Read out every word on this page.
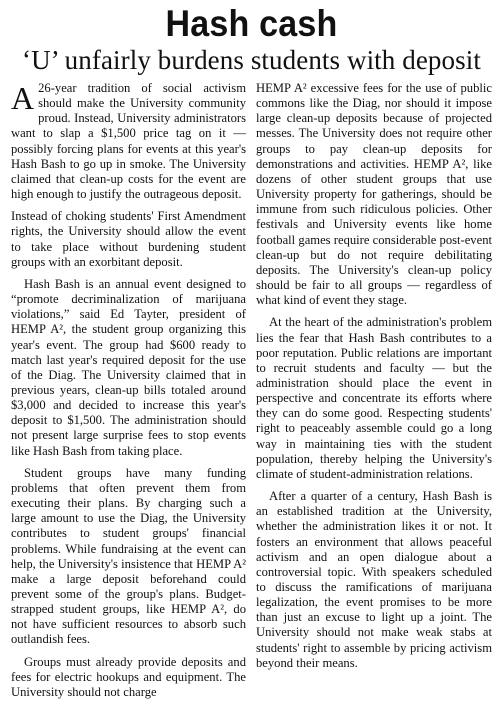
Hash cash
‘U’ unfairly burdens students with deposit

A 26-year tradition of social activism should make the University community proud. Instead, University administrators want to slap a $1,500 price tag on it — possibly forcing plans for events at this year's Hash Bash to go up in smoke. The University claimed that clean-up costs for the event are high enough to justify the outrageous deposit.

Instead of choking students' First Amendment rights, the University should allow the event to take place without burdening student groups with an exorbitant deposit.

Hash Bash is an annual event designed to “promote decriminalization of marijuana violations,” said Ed Tayter, president of HEMP A², the student group organizing this year's event. The group had $600 ready to match last year's required deposit for the use of the Diag. The University claimed that in previous years, clean-up bills totaled around $3,000 and decided to increase this year's deposit to $1,500. The administration should not present large surprise fees to stop events like Hash Bash from taking place.

Student groups have many funding problems that often prevent them from executing their plans. By charging such a large amount to use the Diag, the University contributes to student groups' financial problems. While fundraising at the event can help, the University's insistence that HEMP A² make a large deposit beforehand could prevent some of the group's plans. Budget-strapped student groups, like HEMP A², do not have sufficient resources to absorb such outlandish fees.

Groups must already provide deposits and fees for electric hookups and equipment. The University should not charge

HEMP A² excessive fees for the use of public commons like the Diag, nor should it impose large clean-up deposits because of projected messes. The University does not require other groups to pay clean-up deposits for demonstrations and activities. HEMP A², like dozens of other student groups that use University property for gatherings, should be immune from such ridiculous policies. Other festivals and University events like home football games require considerable post-event clean-up but do not require debilitating deposits. The University's clean-up policy should be fair to all groups — regardless of what kind of event they stage.

At the heart of the administration's problem lies the fear that Hash Bash contributes to a poor reputation. Public relations are important to recruit students and faculty — but the administration should place the event in perspective and concentrate its efforts where they can do some good. Respecting students' right to peaceably assemble could go a long way in maintaining ties with the student population, thereby helping the University's climate of student-administration relations.

After a quarter of a century, Hash Bash is an established tradition at the University, whether the administration likes it or not. It fosters an environment that allows peaceful activism and an open dialogue about a controversial topic. With speakers scheduled to discuss the ramifications of marijuana legalization, the event promises to be more than just an excuse to light up a joint. The University should not make weak stabs at students' right to assemble by pricing activism beyond their means.
